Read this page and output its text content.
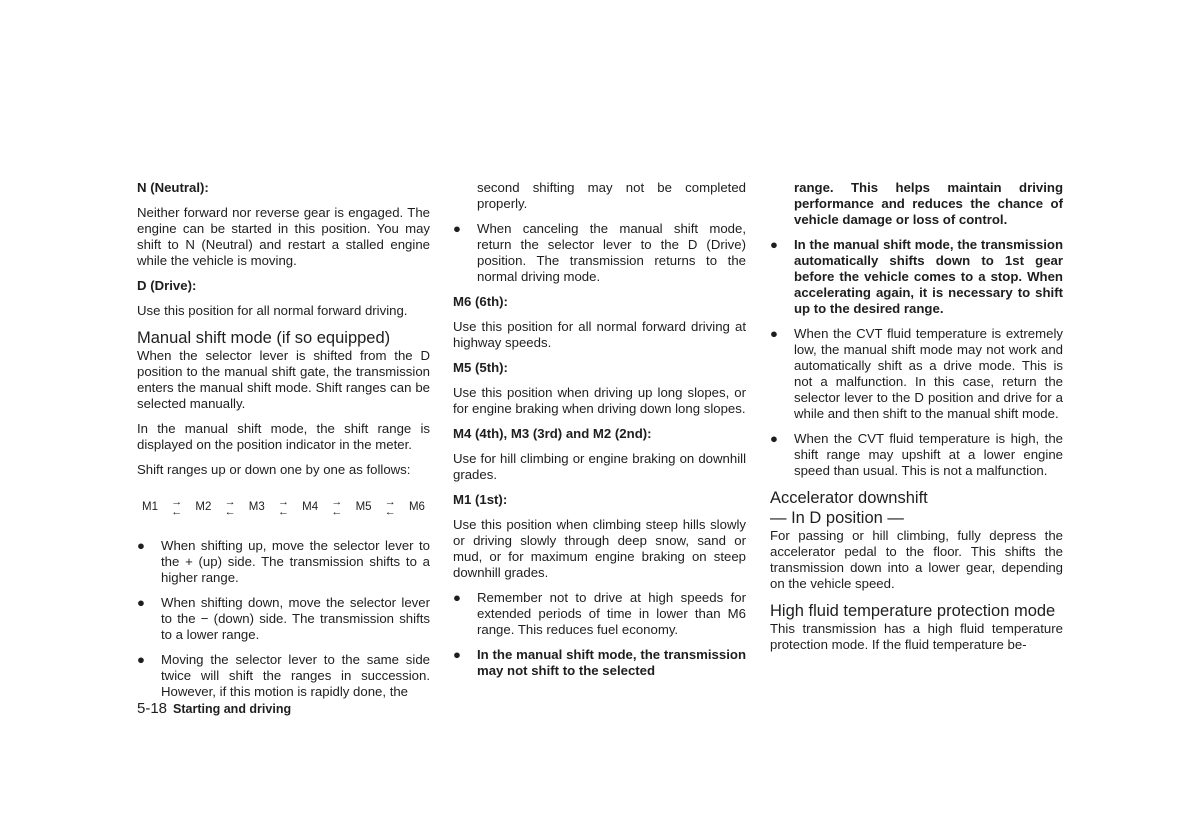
N (Neutral):

Neither forward nor reverse gear is engaged. The engine can be started in this position. You may shift to N (Neutral) and restart a stalled engine while the vehicle is moving.

D (Drive):

Use this position for all normal forward driving.

Manual shift mode (if so equipped)

When the selector lever is shifted from the D position to the manual shift gate, the transmission enters the manual shift mode. Shift ranges can be selected manually.

In the manual shift mode, the shift range is displayed on the position indicator in the meter.

Shift ranges up or down one by one as follows:

M1 →
← M2 →
← M3 →
← M4 →
← M5 →
← M6
● When shifting up, move the selector lever to the + (up) side. The transmission shifts to a higher range.
● When shifting down, move the selector lever to the − (down) side. The transmission shifts to a lower range.
● Moving the selector lever to the same side twice will shift the ranges in succession. However, if this motion is rapidly done, the
second shifting may not be completed properly.
● When canceling the manual shift mode, return the selector lever to the D (Drive) position. The transmission returns to the normal driving mode.

M6 (6th):

Use this position for all normal forward driving at highway speeds.

M5 (5th):

Use this position when driving up long slopes, or for engine braking when driving down long slopes.

M4 (4th), M3 (3rd) and M2 (2nd):

Use for hill climbing or engine braking on downhill grades.

M1 (1st):

Use this position when climbing steep hills slowly or driving slowly through deep snow, sand or mud, or for maximum engine braking on steep downhill grades.

● Remember not to drive at high speeds for extended periods of time in lower than M6 range. This reduces fuel economy.
● In the manual shift mode, the transmission may not shift to the selected
range. This helps maintain driving performance and reduces the chance of vehicle damage or loss of control.
● In the manual shift mode, the transmission automatically shifts down to 1st gear before the vehicle comes to a stop. When accelerating again, it is necessary to shift up to the desired range.
● When the CVT fluid temperature is extremely low, the manual shift mode may not work and automatically shift as a drive mode. This is not a malfunction. In this case, return the selector lever to the D position and drive for a while and then shift to the manual shift mode.
● When the CVT fluid temperature is high, the shift range may upshift at a lower engine speed than usual. This is not a malfunction.
Accelerator downshift
— In D position —

For passing or hill climbing, fully depress the accelerator pedal to the floor. This shifts the transmission down into a lower gear, depending on the vehicle speed.

High fluid temperature protection mode

This transmission has a high fluid temperature protection mode. If the fluid temperature be-

5-18 Starting and driving
